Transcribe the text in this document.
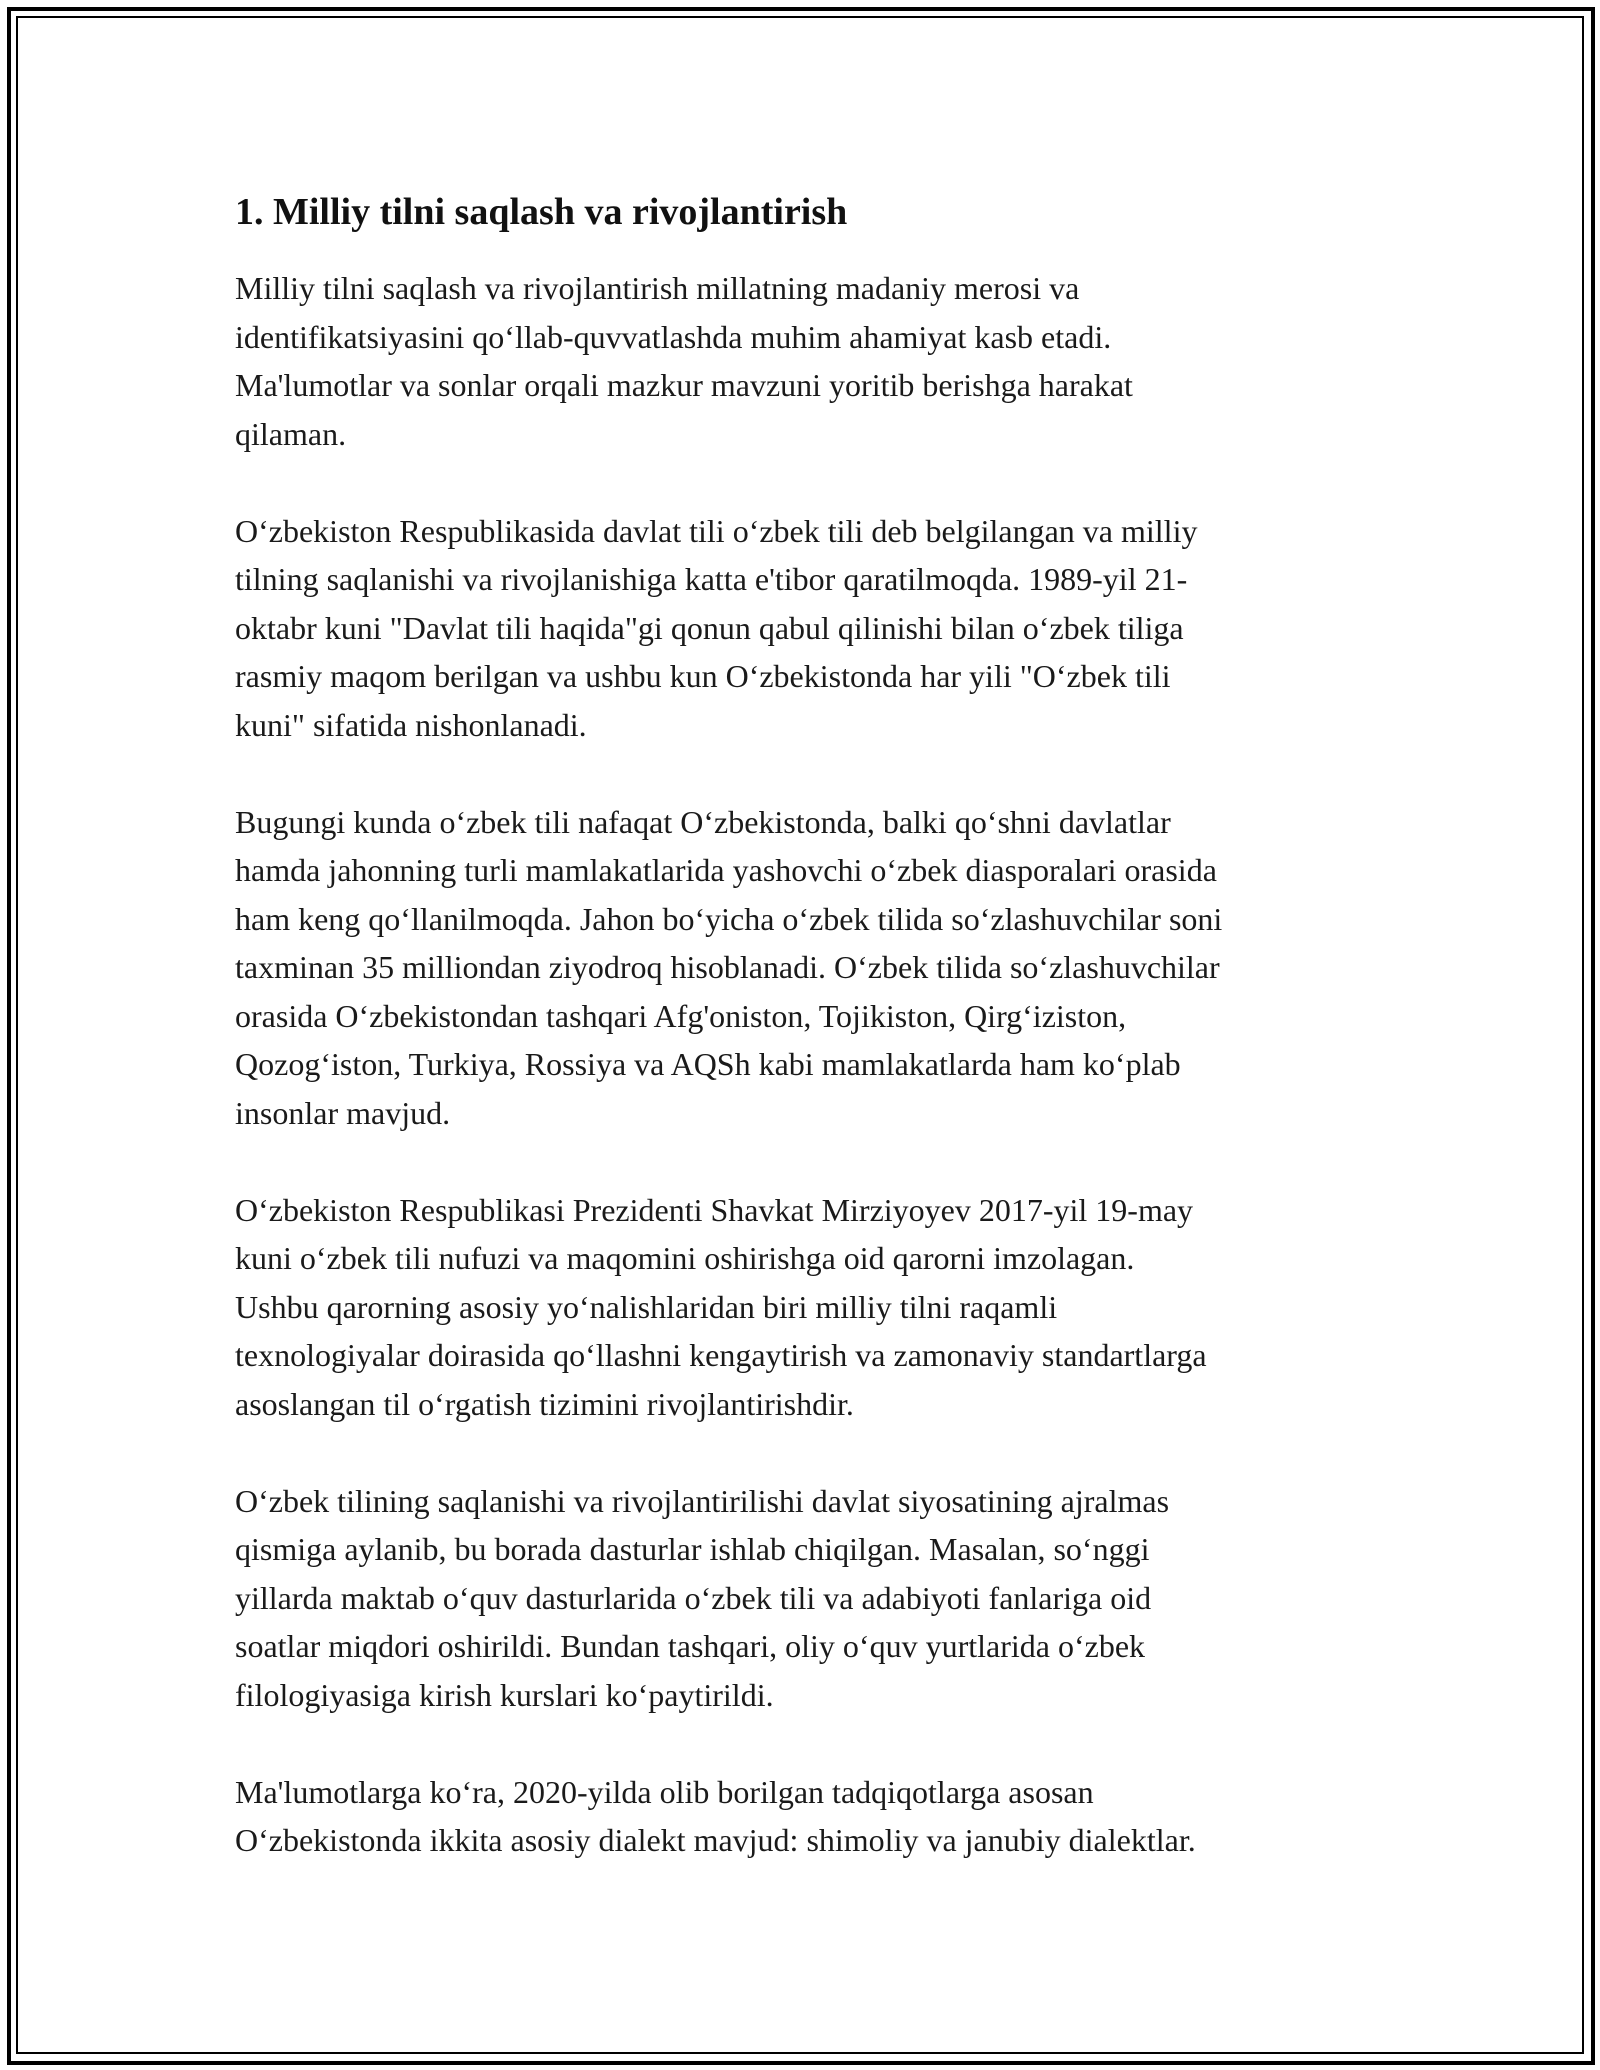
1. Milliy tilni saqlash va rivojlantirish
Milliy tilni saqlash va rivojlantirish millatning madaniy merosi va
identifikatsiyasini qo‘llab-quvvatlashda muhim ahamiyat kasb etadi.
Ma'lumotlar va sonlar orqali mazkur mavzuni yoritib berishga harakat
qilaman.
O‘zbekiston Respublikasida davlat tili o‘zbek tili deb belgilangan va milliy
tilning saqlanishi va rivojlanishiga katta e'tibor qaratilmoqda. 1989-yil 21-
oktabr kuni "Davlat tili haqida"gi qonun qabul qilinishi bilan o‘zbek tiliga
rasmiy maqom berilgan va ushbu kun O‘zbekistonda har yili "O‘zbek tili
kuni" sifatida nishonlanadi.
Bugungi kunda o‘zbek tili nafaqat O‘zbekistonda, balki qo‘shni davlatlar
hamda jahonning turli mamlakatlarida yashovchi o‘zbek diasporalari orasida
ham keng qo‘llanilmoqda. Jahon bo‘yicha o‘zbek tilida so‘zlashuvchilar soni
taxminan 35 milliondan ziyodroq hisoblanadi. O‘zbek tilida so‘zlashuvchilar
orasida O‘zbekistondan tashqari Afg'oniston, Tojikiston, Qirg‘iziston,
Qozog‘iston, Turkiya, Rossiya va AQSh kabi mamlakatlarda ham ko‘plab
insonlar mavjud.
O‘zbekiston Respublikasi Prezidenti Shavkat Mirziyoyev 2017-yil 19-may
kuni o‘zbek tili nufuzi va maqomini oshirishga oid qarorni imzolagan.
Ushbu qarorning asosiy yo‘nalishlaridan biri milliy tilni raqamli
texnologiyalar doirasida qo‘llashni kengaytirish va zamonaviy standartlarga
asoslangan til o‘rgatish tizimini rivojlantirishdir.
O‘zbek tilining saqlanishi va rivojlantirilishi davlat siyosatining ajralmas
qismiga aylanib, bu borada dasturlar ishlab chiqilgan. Masalan, so‘nggi
yillarda maktab o‘quv dasturlarida o‘zbek tili va adabiyoti fanlariga oid
soatlar miqdori oshirildi. Bundan tashqari, oliy o‘quv yurtlarida o‘zbek
filologiyasiga kirish kurslari ko‘paytirildi.
Ma'lumotlarga ko‘ra, 2020-yilda olib borilgan tadqiqotlarga asosan
O‘zbekistonda ikkita asosiy dialekt mavjud: shimoliy va janubiy dialektlar.
